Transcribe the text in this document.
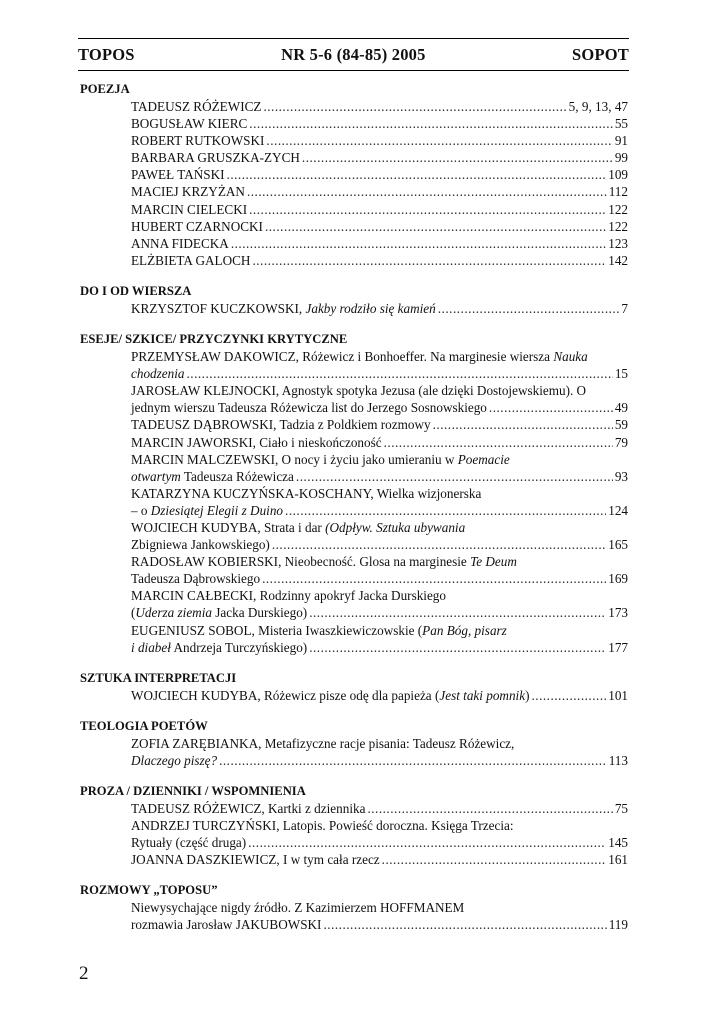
TOPOS	NR 5-6 (84-85) 2005	SOPOT
POEZJA
TADEUSZ RÓŻEWICZ .....	5, 9, 13, 47
BOGUSŁAW KIERC .....	55
ROBERT RUTKOWSKI .....	91
BARBARA GRUSZKA-ZYCH .....	99
PAWEŁ TAŃSKI .....	109
MACIEJ KRZYŻAN .....	112
MARCIN CIELECKI .....	122
HUBERT CZARNOCKI .....	122
ANNA FIDECKA .....	123
ELŻBIETA GALOCH .....	142
DO I OD WIERSZA
KRZYSZTOF KUCZKOWSKI, Jakby rodziło się kamień .....	7
ESEJE/ SZKICE/ PRZYCZYNKI KRYTYCZNE
PRZEMYSŁAW DAKOWICZ, Różewicz i Bonhoeffer. Na marginesie wiersza Nauka
chodzenia .....	15
JAROSŁAW KLEJNOCKI, Agnostyk spotyka Jezusa (ale dzięki Dostojewskiemu). O
jednym wierszu Tadeusza Różewicza list do Jerzego Sosnowskiego .....	49
TADEUSZ DĄBROWSKI, Tadzia z Poldkiem rozmowy .....	59
MARCIN JAWORSKI, Ciało i nieskończoność .....	79
MARCIN MALCZEWSKI, O nocy i życiu jako umieraniu w Poemacie
otwartym Tadeusza Różewicza .....	93
KATARZYNA KUCZYŃSKA-KOSCHANY, Wielka wizjonerska
– o Dziesiątej Elegii z Duino .....	124
WOJCIECH KUDYBA, Strata i dar (Odpływ. Sztuka ubywania
Zbigniewa Jankowskiego) .....	165
RADOSŁAW KOBIERSKI, Nieobecność. Glosa na marginesie Te Deum
Tadeusza Dąbrowskiego .....	169
MARCIN CAŁBECKI, Rodzinny apokryf Jacka Durskiego
(Uderza ziemia Jacka Durskiego) .....	173
EUGENIUSZ SOBOL, Misteria Iwaszkiewiczowskie (Pan Bóg, pisarz
i diabeł Andrzeja Turczyńskiego) .....	177
SZTUKA INTERPRETACJI
WOJCIECH KUDYBA, Różewicz pisze odę dla papieża (Jest taki pomnik) .....	101
TEOLOGIA POETÓW
ZOFIA ZARĘBIANKA, Metafizyczne racje pisania: Tadeusz Różewicz,
Dlaczego piszę? .....	113
PROZA / DZIENNIKI / WSPOMNIENIA
TADEUSZ RÓŻEWICZ, Kartki z dziennika .....	75
ANDRZEJ TURCZYŃSKI, Latopis. Powieść doroczna. Księga Trzecia:
Rytuały (część druga) .....	145
JOANNA DASZKIEWICZ, I w tym cała rzecz .....	161
ROZMOWY „TOPOSU”
Niewysychające nigdy źródło. Z Kazimierzem HOFFMANEM
rozmawia Jarosław JAKUBOWSKI .....	119
2
